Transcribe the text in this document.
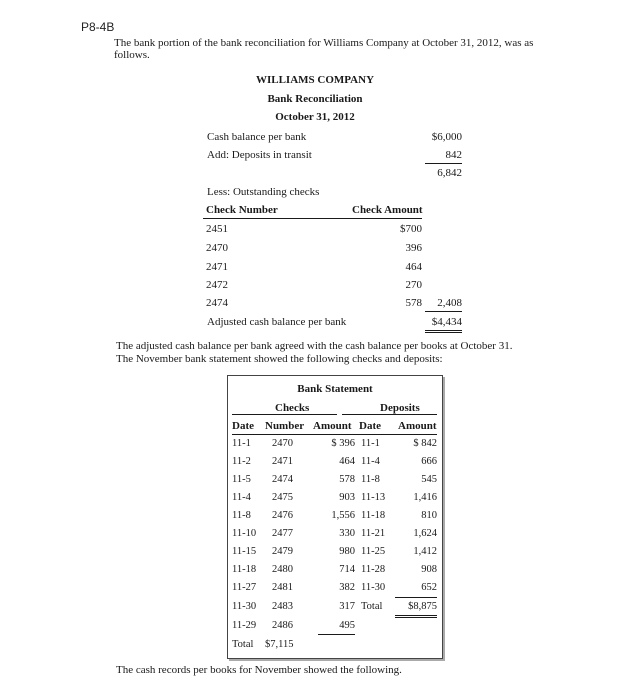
P8-4B
The bank portion of the bank reconciliation for Williams Company at October 31, 2012, was as
follows.
WILLIAMS COMPANY
Bank Reconciliation
October 31, 2012
Cash balance per bank	$6,000
Add: Deposits in transit	842
6,842
Less: Outstanding checks
Check Number	Check Amount
2451	$700
2470	396
2471	464
2472	270
2474	578	2,408
Adjusted cash balance per bank	$4,434
The adjusted cash balance per bank agreed with the cash balance per books at October 31.
The November bank statement showed the following checks and deposits:
Bank Statement
Checks	Deposits
Date Number Amount Date Amount
11-1 2470	$ 396 11-1	$ 842
11-2 2471	464 11-4	666
11-5 2474	578 11-8	545
11-4 2475	903 11-13	1,416
11-8 2476	1,556 11-18	810
11-10 2477	330 11-21	1,624
11-15 2479	980 11-25	1,412
11-18 2480	714 11-28	908
11-27 2481	382 11-30	652
11-30 2483	317 Total	$8,875
11-29 2486	495
Total $7,115
The cash records per books for November showed the following.
